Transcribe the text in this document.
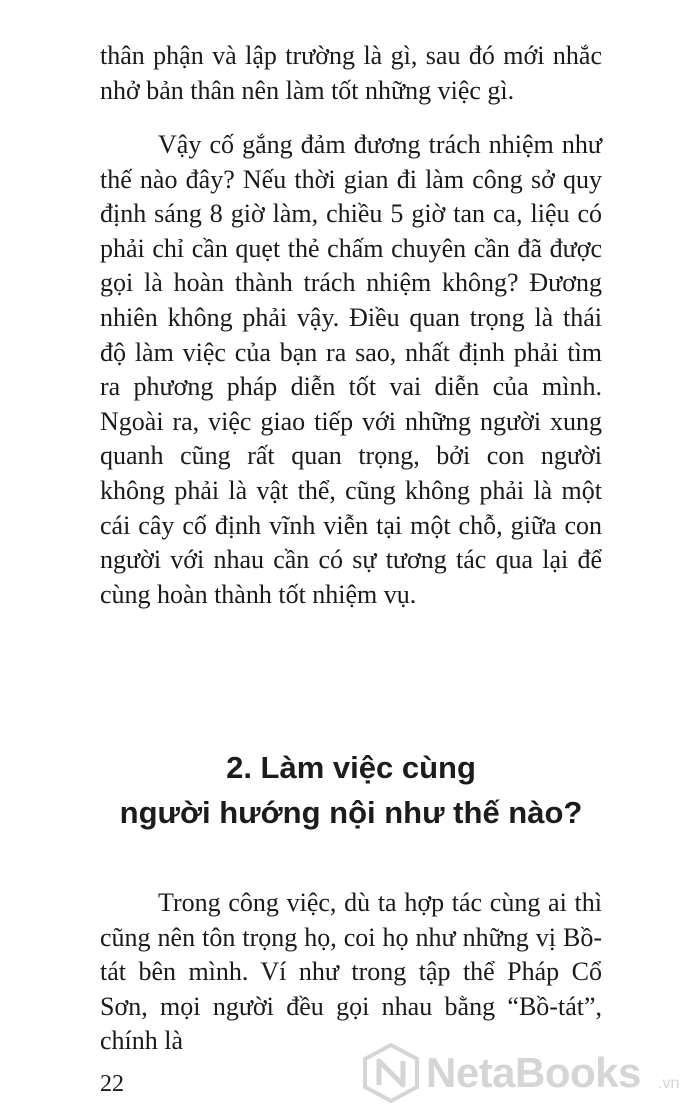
thân phận và lập trường là gì, sau đó mới nhắc nhở bản thân nên làm tốt những việc gì.

Vậy cố gắng đảm đương trách nhiệm như thế nào đây? Nếu thời gian đi làm công sở quy định sáng 8 giờ làm, chiều 5 giờ tan ca, liệu có phải chỉ cần quẹt thẻ chấm chuyên cần đã được gọi là hoàn thành trách nhiệm không? Đương nhiên không phải vậy. Điều quan trọng là thái độ làm việc của bạn ra sao, nhất định phải tìm ra phương pháp diễn tốt vai diễn của mình. Ngoài ra, việc giao tiếp với những người xung quanh cũng rất quan trọng, bởi con người không phải là vật thể, cũng không phải là một cái cây cố định vĩnh viễn tại một chỗ, giữa con người với nhau cần có sự tương tác qua lại để cùng hoàn thành tốt nhiệm vụ.

2. Làm việc cùng
người hướng nội như thế nào?

Trong công việc, dù ta hợp tác cùng ai thì cũng nên tôn trọng họ, coi họ như những vị Bồ-tát bên mình. Ví như trong tập thể Pháp Cổ Sơn, mọi người đều gọi nhau bằng “Bồ-tát”, chính là

22	NetaBooks .vn
